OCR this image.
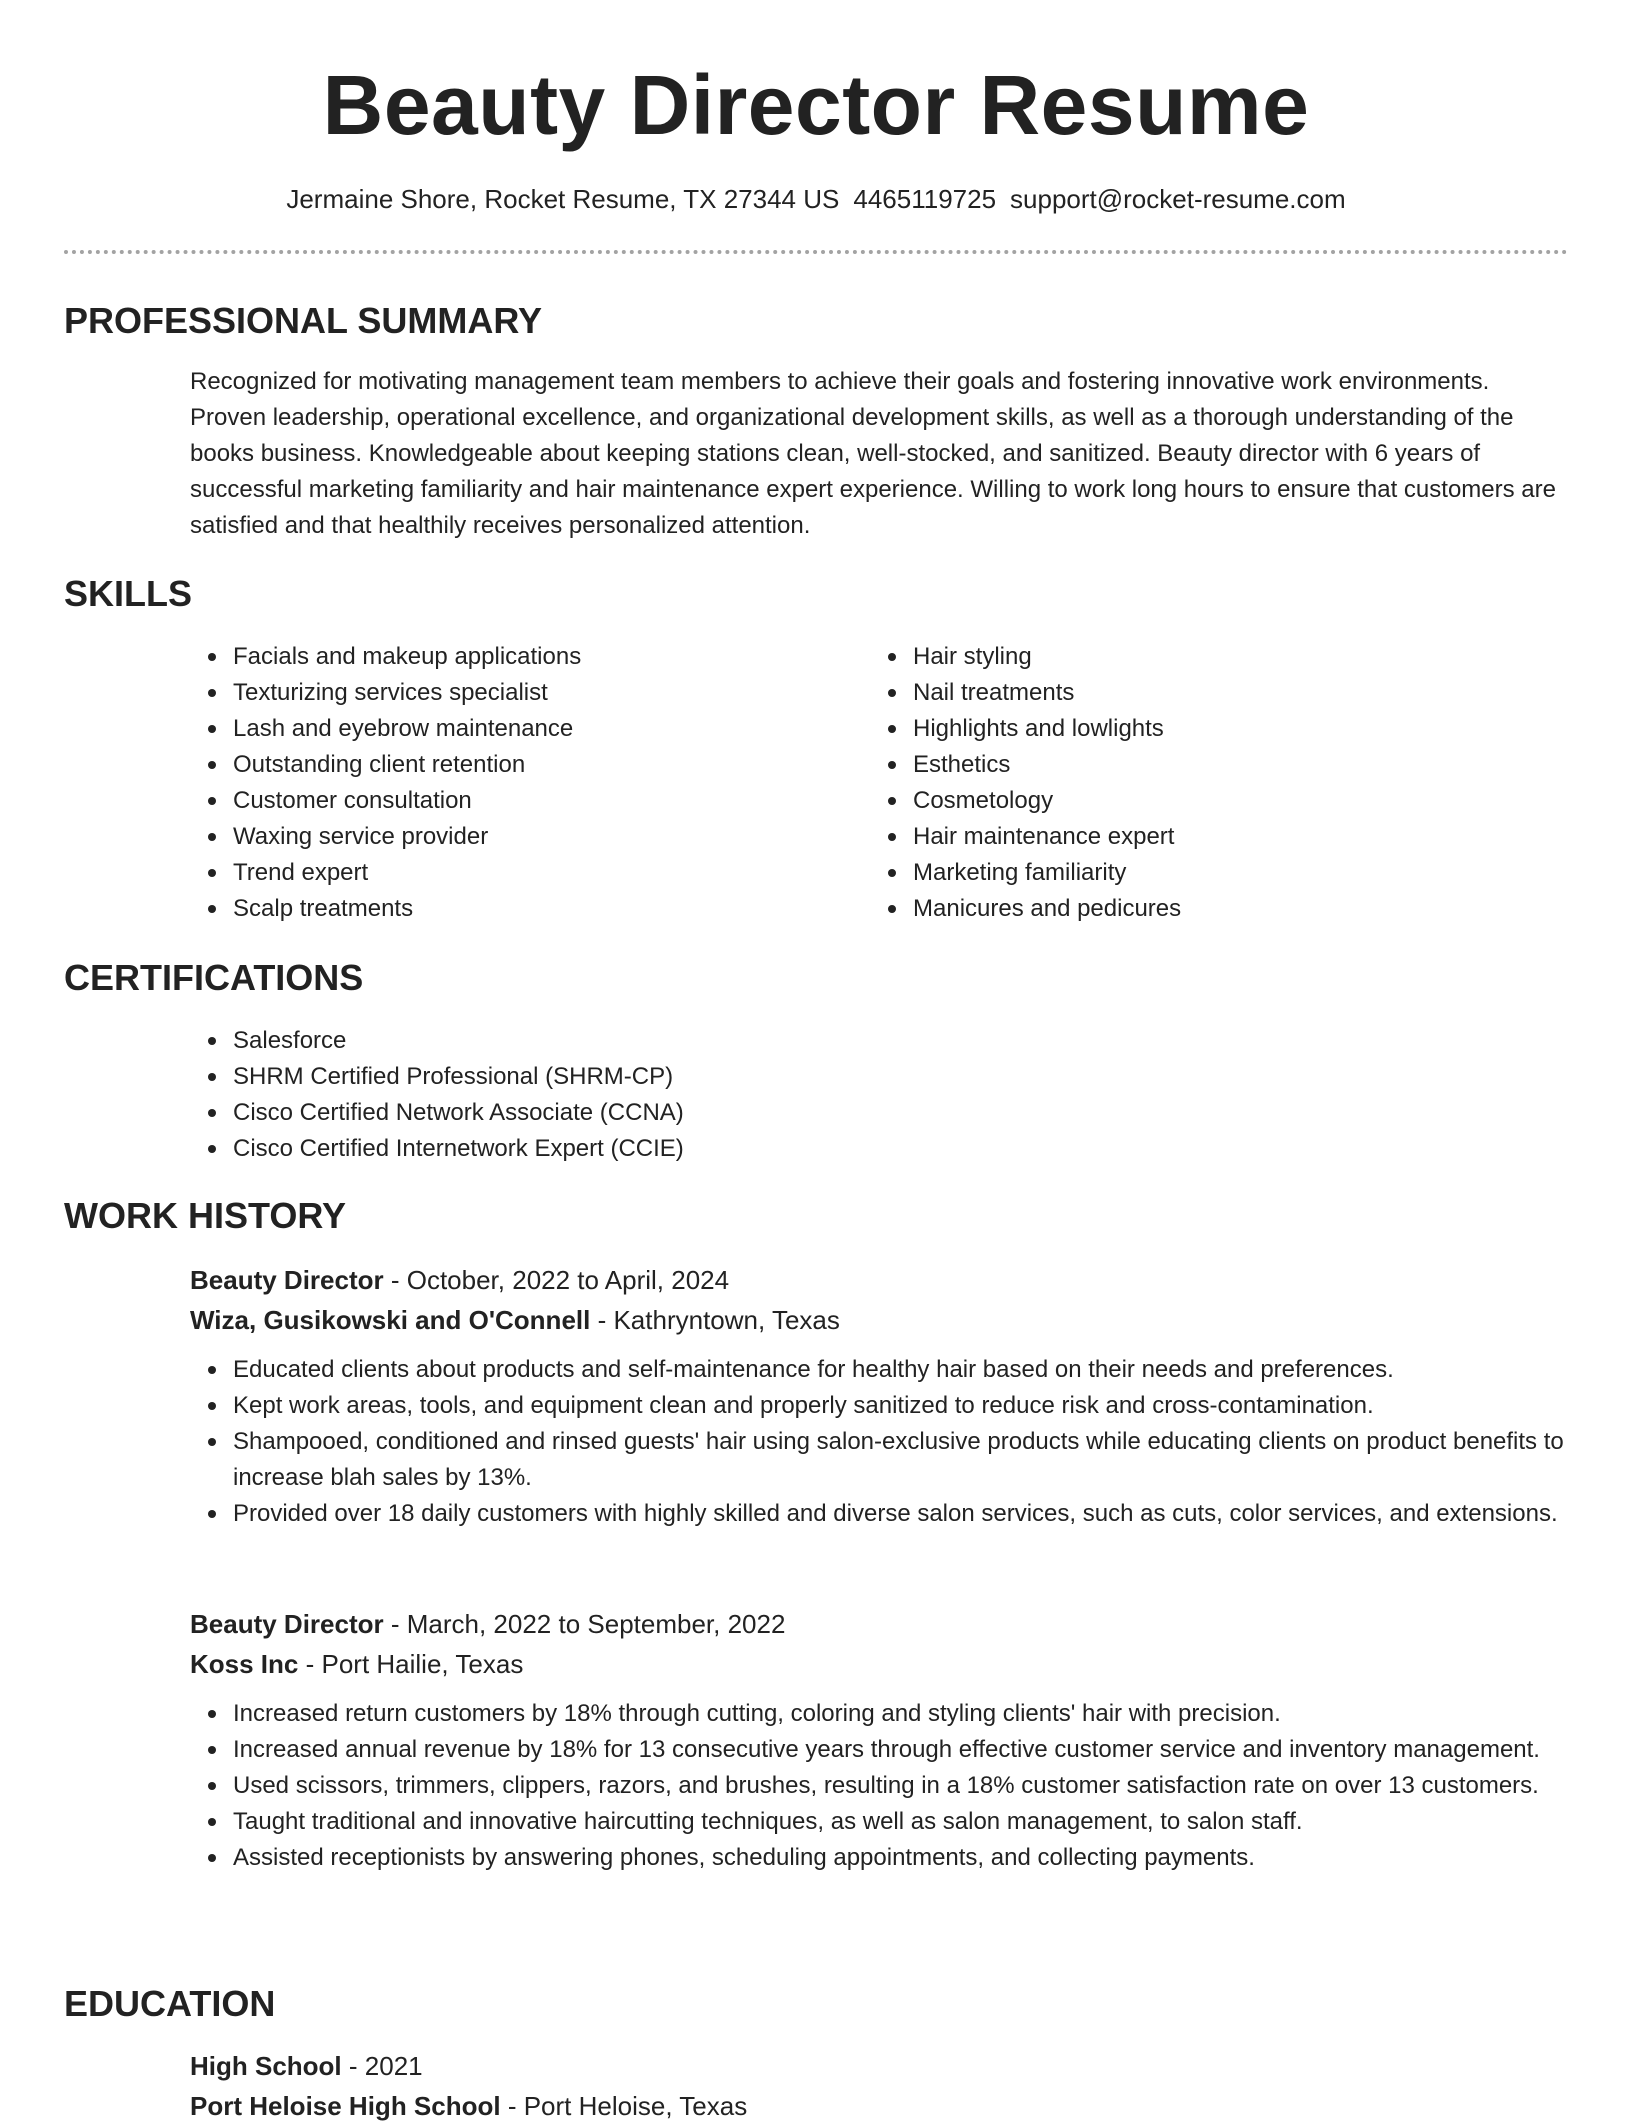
Beauty Director Resume
Jermaine Shore, Rocket Resume, TX 27344 US 4465119725 support@rocket-resume.com
PROFESSIONAL SUMMARY
Recognized for motivating management team members to achieve their goals and fostering innovative work environments. Proven leadership, operational excellence, and organizational development skills, as well as a thorough understanding of the books business. Knowledgeable about keeping stations clean, well-stocked, and sanitized. Beauty director with 6 years of successful marketing familiarity and hair maintenance expert experience. Willing to work long hours to ensure that customers are satisfied and that healthily receives personalized attention.
SKILLS
Facials and makeup applications
Texturizing services specialist
Lash and eyebrow maintenance
Outstanding client retention
Customer consultation
Waxing service provider
Trend expert
Scalp treatments
Hair styling
Nail treatments
Highlights and lowlights
Esthetics
Cosmetology
Hair maintenance expert
Marketing familiarity
Manicures and pedicures
CERTIFICATIONS
Salesforce
SHRM Certified Professional (SHRM-CP)
Cisco Certified Network Associate (CCNA)
Cisco Certified Internetwork Expert (CCIE)
WORK HISTORY
Beauty Director - October, 2022 to April, 2024
Wiza, Gusikowski and O'Connell - Kathryntown, Texas
Educated clients about products and self-maintenance for healthy hair based on their needs and preferences.
Kept work areas, tools, and equipment clean and properly sanitized to reduce risk and cross-contamination.
Shampooed, conditioned and rinsed guests' hair using salon-exclusive products while educating clients on product benefits to increase blah sales by 13%.
Provided over 18 daily customers with highly skilled and diverse salon services, such as cuts, color services, and extensions.
Beauty Director - March, 2022 to September, 2022
Koss Inc - Port Hailie, Texas
Increased return customers by 18% through cutting, coloring and styling clients' hair with precision.
Increased annual revenue by 18% for 13 consecutive years through effective customer service and inventory management.
Used scissors, trimmers, clippers, razors, and brushes, resulting in a 18% customer satisfaction rate on over 13 customers.
Taught traditional and innovative haircutting techniques, as well as salon management, to salon staff.
Assisted receptionists by answering phones, scheduling appointments, and collecting payments.
EDUCATION
High School - 2021
Port Heloise High School - Port Heloise, Texas
